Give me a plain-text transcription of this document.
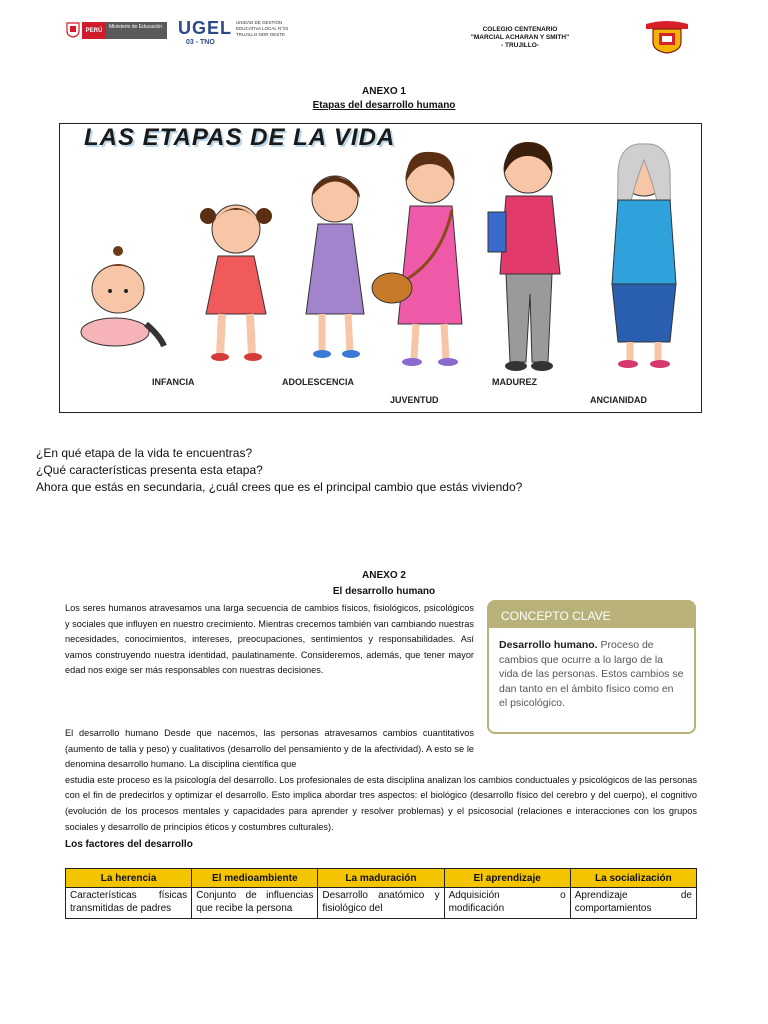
PERÚ
Ministerio de Educación UGEL
03 - TNO
UNIDAD DE GESTIÓN
EDUCATIVA LOCAL N°03
TRUJILLO NOR OESTE
COLEGIO CENTENARIO
"MARCIAL ACHARAN Y SMITH"
- TRUJILLO-
ANEXO 1
Etapas del desarrollo humano
LAS ETAPAS DE LA VIDA
INFANCIA	ADOLESCENCIA
JUVENTUD
MADUREZ
ANCIANIDAD
¿En qué etapa de la vida te encuentras?
¿Qué características presenta esta etapa?
Ahora que estás en secundaria, ¿cuál crees que es el principal cambio que estás viviendo?
ANEXO 2
El desarrollo humano
Los seres humanos atravesamos una larga secuencia de cambios físicos, fisiológicos, psicológicos y sociales que influyen en nuestro crecimiento. Mientras crecemos también van cambiando nuestras necesidades, conocimientos, intereses, preocupaciones, sentimientos y responsabilidades. Así vamos construyendo nuestra identidad, paulatinamente. Consideremos, además, que tener mayor edad nos exige ser más responsables con nuestras decisiones.
CONCEPTO CLAVE
Desarrollo humano. Proceso de cambios que ocurre a lo largo de la vida de las personas. Estos cambios se dan tanto en el ámbito físico como en el psicológico.
El desarrollo humano Desde que nacemos, las personas atravesamos cambios cuantitativos (aumento de talla y peso) y cualitativos (desarrollo del pensamiento y de la afectividad). A esto se le denomina desarrollo humano. La disciplina científica que
estudia este proceso es la psicología del desarrollo. Los profesionales de esta disciplina analizan los cambios conductuales y psicológicos de las personas con el fin de predecirlos y optimizar el desarrollo. Esto implica abordar tres aspectos: el biológico (desarrollo físico del cerebro y del cuerpo), el cognitivo (evolución de los procesos mentales y capacidades para aprender y resolver problemas) y el psicosocial (relaciones e interacciones con los grupos sociales y desarrollo de principios éticos y costumbres culturales).
Los factores del desarrollo
La herencia	El medioambiente	La maduración	El aprendizaje	La socialización
Características físicas transmitidas de padres	Conjunto de influencias que recibe la persona	Desarrollo anatómico y fisiológico del	Adquisición o modificación	Aprendizaje de comportamientos
